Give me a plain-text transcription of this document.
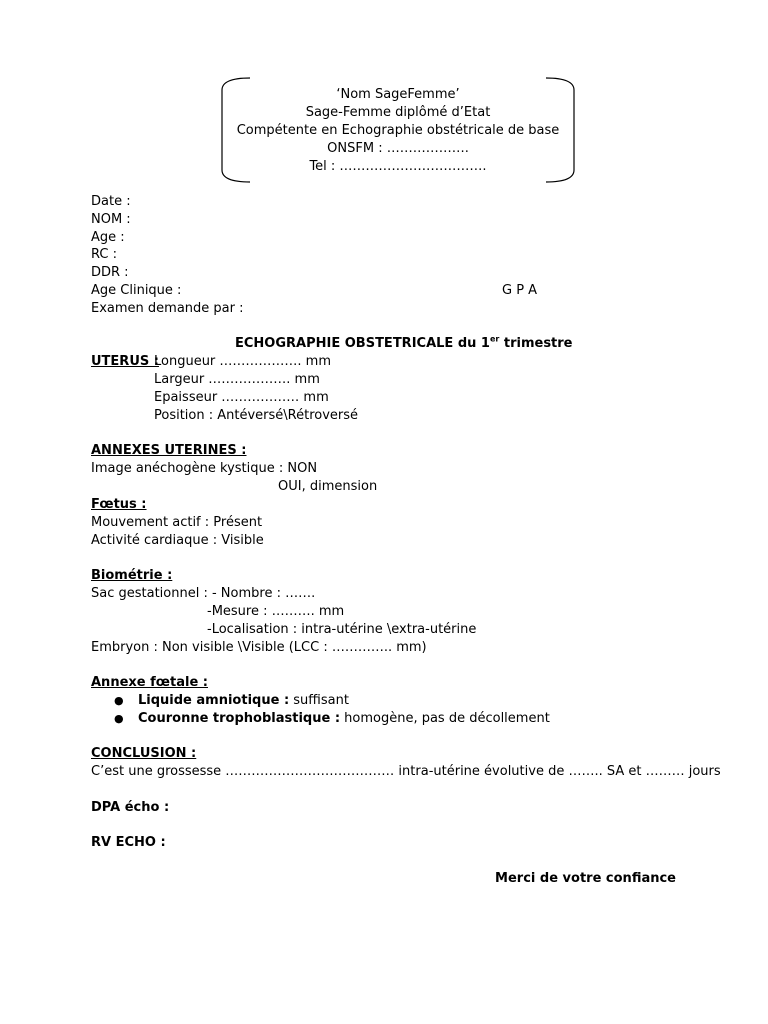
‘Nom SageFemme’
Sage-Femme diplômé d’Etat
Compétente en Echographie obstétricale de base
ONSFM : ……………….
Tel : …………………………….
Date :
NOM :
Age :
RC :
DDR :
Age Clinique :	G P A
Examen demande par :
ECHOGRAPHIE OBSTETRICALE du 1er trimestre
UTERUS :
Longueur ………………. mm
Largeur ………………. mm
Epaisseur ……………… mm
Position : Antéversé\Rétroversé
ANNEXES UTERINES :
Image anéchogène kystique : NON
OUI, dimension
Fœtus :
Mouvement actif : Présent
Activité cardiaque : Visible
Biométrie :
Sac gestationnel : - Nombre : …….
-Mesure : ………. mm
-Localisation : intra-utérine \extra-utérine
Embryon : Non visible \Visible (LCC : ………….. mm)
Annexe fœtale :
● Liquide amniotique : suffisant
● Couronne trophoblastique : homogène, pas de décollement
CONCLUSION :
C’est une grossesse ………………………………… intra-utérine évolutive de …….. SA et ……… jours
DPA écho :
RV ECHO :
Merci de votre confiance
